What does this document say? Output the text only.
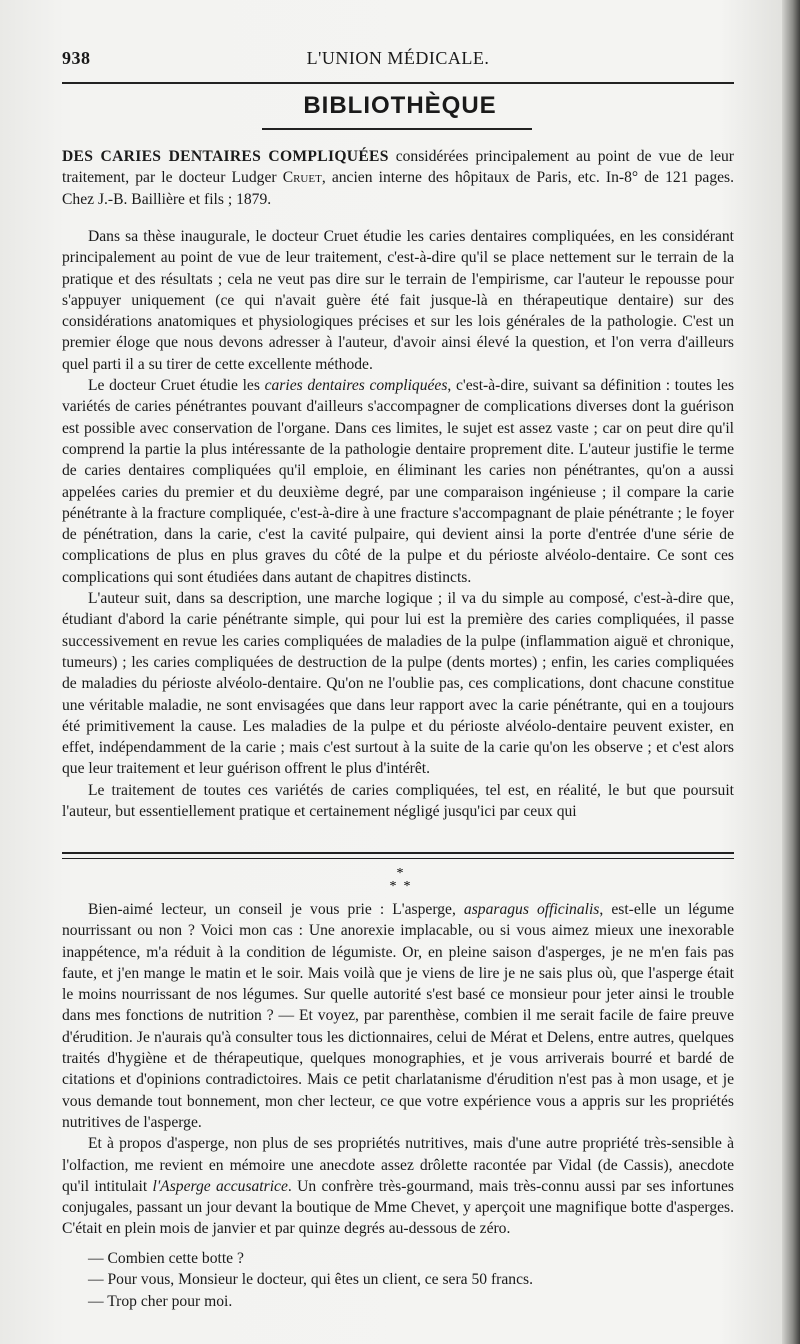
938	L'UNION MÉDICALE.
BIBLIOTHÈQUE

DES CARIES DENTAIRES COMPLIQUÉES considérées principalement au point de vue de leur traitement, par le docteur Ludger Cruet, ancien interne des hôpitaux de Paris, etc. In-8° de 121 pages. Chez J.-B. Baillière et fils ; 1879.

Dans sa thèse inaugurale, le docteur Cruet étudie les caries dentaires compliquées, en les considérant principalement au point de vue de leur traitement, c'est-à-dire qu'il se place nettement sur le terrain de la pratique et des résultats ; cela ne veut pas dire sur le terrain de l'empirisme, car l'auteur le repousse pour s'appuyer uniquement (ce qui n'avait guère été fait jusque-là en thérapeutique dentaire) sur des considérations anatomiques et physiologiques précises et sur les lois générales de la pathologie. C'est un premier éloge que nous devons adresser à l'auteur, d'avoir ainsi élevé la question, et l'on verra d'ailleurs quel parti il a su tirer de cette excellente méthode.

Le docteur Cruet étudie les caries dentaires compliquées, c'est-à-dire, suivant sa définition : toutes les variétés de caries pénétrantes pouvant d'ailleurs s'accompagner de complications diverses dont la guérison est possible avec conservation de l'organe. Dans ces limites, le sujet est assez vaste ; car on peut dire qu'il comprend la partie la plus intéressante de la pathologie dentaire proprement dite. L'auteur justifie le terme de caries dentaires compliquées qu'il emploie, en éliminant les caries non pénétrantes, qu'on a aussi appelées caries du premier et du deuxième degré, par une comparaison ingénieuse ; il compare la carie pénétrante à la fracture compliquée, c'est-à-dire à une fracture s'accompagnant de plaie pénétrante ; le foyer de pénétration, dans la carie, c'est la cavité pulpaire, qui devient ainsi la porte d'entrée d'une série de complications de plus en plus graves du côté de la pulpe et du périoste alvéolo-dentaire. Ce sont ces complications qui sont étudiées dans autant de chapitres distincts.

L'auteur suit, dans sa description, une marche logique ; il va du simple au composé, c'est-à-dire que, étudiant d'abord la carie pénétrante simple, qui pour lui est la première des caries compliquées, il passe successivement en revue les caries compliquées de maladies de la pulpe (inflammation aiguë et chronique, tumeurs) ; les caries compliquées de destruction de la pulpe (dents mortes) ; enfin, les caries compliquées de maladies du périoste alvéolo-dentaire. Qu'on ne l'oublie pas, ces complications, dont chacune constitue une véritable maladie, ne sont envisagées que dans leur rapport avec la carie pénétrante, qui en a toujours été primitivement la cause. Les maladies de la pulpe et du périoste alvéolo-dentaire peuvent exister, en effet, indépendamment de la carie ; mais c'est surtout à la suite de la carie qu'on les observe ; et c'est alors que leur traitement et leur guérison offrent le plus d'intérêt.

Le traitement de toutes ces variétés de caries compliquées, tel est, en réalité, le but que poursuit l'auteur, but essentiellement pratique et certainement négligé jusqu'ici par ceux qui

*
* *

Bien-aimé lecteur, un conseil je vous prie : L'asperge, asparagus officinalis, est-elle un légume nourrissant ou non ? Voici mon cas : Une anorexie implacable, ou si vous aimez mieux une inexorable inappétence, m'a réduit à la condition de légumiste. Or, en pleine saison d'asperges, je ne m'en fais pas faute, et j'en mange le matin et le soir. Mais voilà que je viens de lire je ne sais plus où, que l'asperge était le moins nourrissant de nos légumes. Sur quelle autorité s'est basé ce monsieur pour jeter ainsi le trouble dans mes fonctions de nutrition ? — Et voyez, par parenthèse, combien il me serait facile de faire preuve d'érudition. Je n'aurais qu'à consulter tous les dictionnaires, celui de Mérat et Delens, entre autres, quelques traités d'hygiène et de thérapeutique, quelques monographies, et je vous arriverais bourré et bardé de citations et d'opinions contradictoires. Mais ce petit charlatanisme d'érudition n'est pas à mon usage, et je vous demande tout bonnement, mon cher lecteur, ce que votre expérience vous a appris sur les propriétés nutritives de l'asperge.

Et à propos d'asperge, non plus de ses propriétés nutritives, mais d'une autre propriété très-sensible à l'olfaction, me revient en mémoire une anecdote assez drôlette racontée par Vidal (de Cassis), anecdote qu'il intitulait l'Asperge accusatrice. Un confrère très-gourmand, mais très-connu aussi par ses infortunes conjugales, passant un jour devant la boutique de Mme Chevet, y aperçoit une magnifique botte d'asperges. C'était en plein mois de janvier et par quinze degrés au-dessous de zéro.

— Combien cette botte ?

— Pour vous, Monsieur le docteur, qui êtes un client, ce sera 50 francs.

— Trop cher pour moi.
